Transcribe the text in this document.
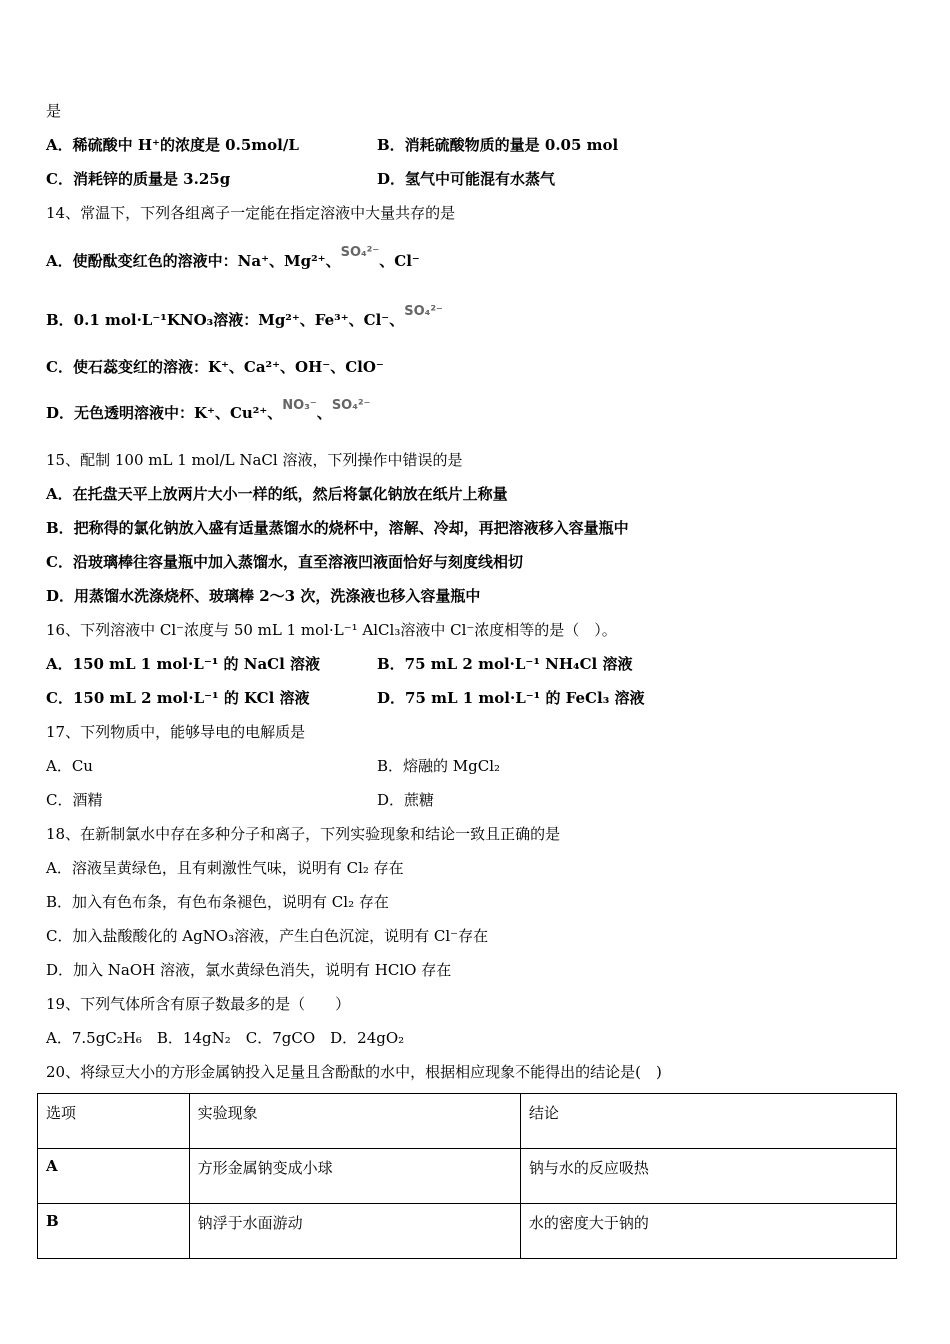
是
A．稀硫酸中 H⁺的浓度是 0.5mol/L	B．消耗硫酸物质的量是 0.05 mol
C．消耗锌的质量是 3.25g	D．氢气中可能混有水蒸气
14、常温下，下列各组离子一定能在指定溶液中大量共存的是
A．使酚酞变红色的溶液中：Na⁺、Mg²⁺、SO₄²⁻、Cl⁻
B．0.1 mol·L⁻¹KNO₃溶液：Mg²⁺、Fe³⁺、Cl⁻、SO₄²⁻
C．使石蕊变红的溶液：K⁺、Ca²⁺、OH⁻、ClO⁻
D．无色透明溶液中：K⁺、Cu²⁺、NO₃⁻、SO₄²⁻
15、配制 100 mL 1 mol/L NaCl 溶液，下列操作中错误的是
A．在托盘天平上放两片大小一样的纸，然后将氯化钠放在纸片上称量
B．把称得的氯化钠放入盛有适量蒸馏水的烧杯中，溶解、冷却，再把溶液移入容量瓶中
C．沿玻璃棒往容量瓶中加入蒸馏水，直至溶液凹液面恰好与刻度线相切
D．用蒸馏水洗涤烧杯、玻璃棒 2～3 次，洗涤液也移入容量瓶中
16、下列溶液中 Cl⁻浓度与 50 mL 1 mol·L⁻¹ AlCl₃溶液中 Cl⁻浓度相等的是（　）。
A．150 mL 1 mol·L⁻¹ 的 NaCl 溶液	B．75 mL 2 mol·L⁻¹ NH₄Cl 溶液
C．150 mL 2 mol·L⁻¹ 的 KCl 溶液	D．75 mL 1 mol·L⁻¹ 的 FeCl₃ 溶液
17、下列物质中，能够导电的电解质是
A．Cu	B．熔融的 MgCl₂
C．酒精	D．蔗糖
18、在新制氯水中存在多种分子和离子，下列实验现象和结论一致且正确的是
A．溶液呈黄绿色，且有刺激性气味，说明有 Cl₂ 存在
B．加入有色布条，有色布条褪色，说明有 Cl₂ 存在
C．加入盐酸酸化的 AgNO₃溶液，产生白色沉淀，说明有 Cl⁻存在
D．加入 NaOH 溶液，氯水黄绿色消失，说明有 HClO 存在
19、下列气体所含有原子数最多的是（　　）
A．7.5gC₂H₆　B．14gN₂　C．7gCO　D．24gO₂
20、将绿豆大小的方形金属钠投入足量且含酚酞的水中，根据相应现象不能得出的结论是(　)
选项	实验现象	结论
A	方形金属钠变成小球	钠与水的反应吸热
B	钠浮于水面游动	水的密度大于钠的
